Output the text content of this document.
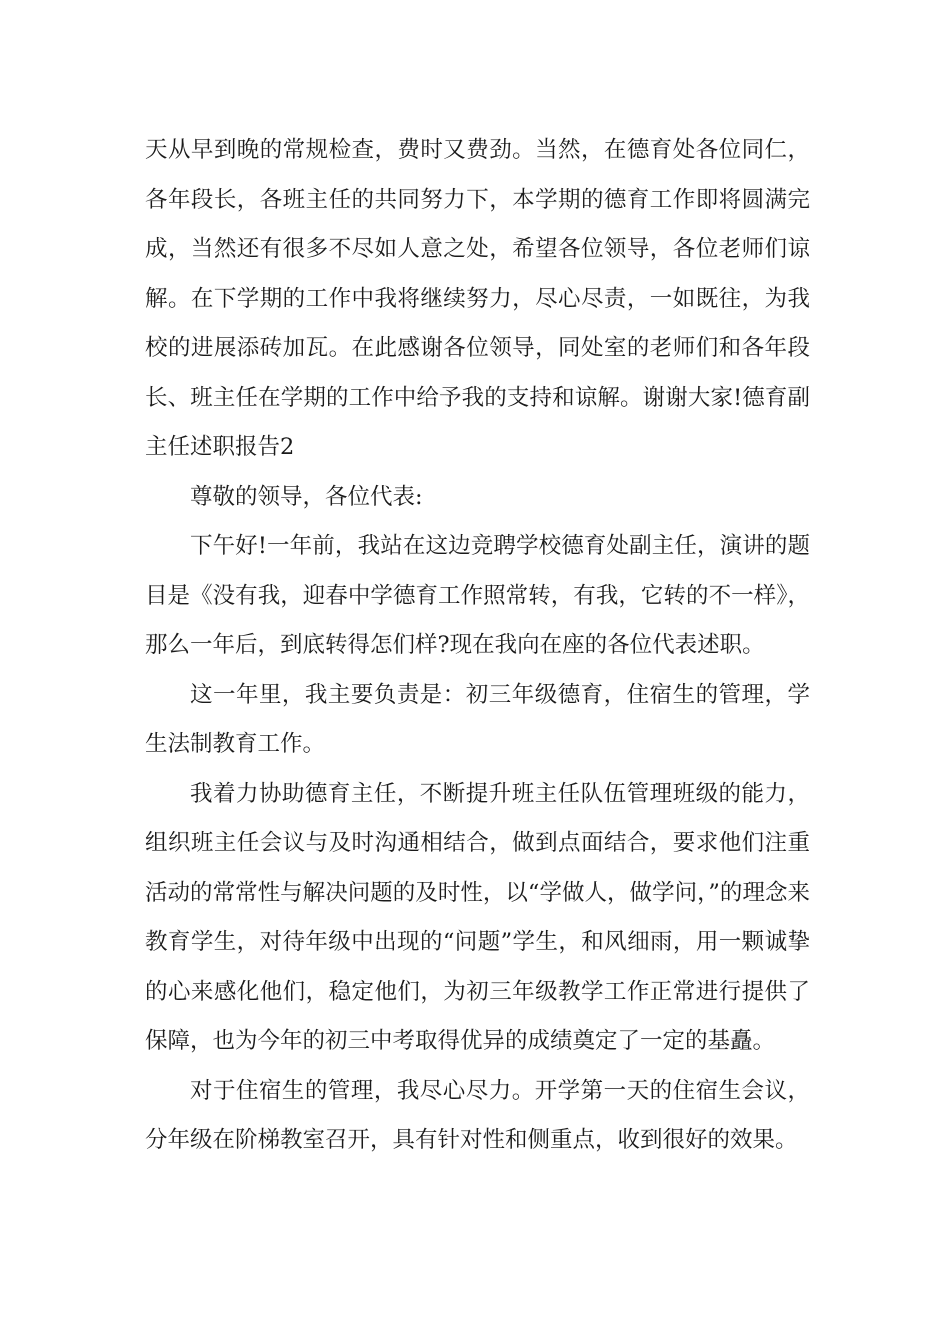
天从早到晚的常规检查，费时又费劲。当然，在德育处各位同仁，各年段长，各班主任的共同努力下，本学期的德育工作即将圆满完成，当然还有很多不尽如人意之处，希望各位领导，各位老师们谅解。在下学期的工作中我将继续努力，尽心尽责，一如既往，为我校的进展添砖加瓦。在此感谢各位领导，同处室的老师们和各年段长、班主任在学期的工作中给予我的支持和谅解。谢谢大家!德育副主任述职报告2

尊敬的领导，各位代表:

下午好!一年前，我站在这边竞聘学校德育处副主任，演讲的题目是《没有我，迎春中学德育工作照常转，有我，它转的不一样》，那么一年后，到底转得怎们样?现在我向在座的各位代表述职。

这一年里，我主要负责是：初三年级德育，住宿生的管理，学生法制教育工作。

我着力协助德育主任，不断提升班主任队伍管理班级的能力，组织班主任会议与及时沟通相结合，做到点面结合，要求他们注重活动的常常性与解决问题的及时性，以“学做人，做学问，”的理念来教育学生，对待年级中出现的“问题”学生，和风细雨，用一颗诚挚的心来感化他们，稳定他们，为初三年级教学工作正常进行提供了保障，也为今年的初三中考取得优异的成绩奠定了一定的基矗。

对于住宿生的管理，我尽心尽力。开学第一天的住宿生会议，分年级在阶梯教室召开，具有针对性和侧重点，收到很好的效果。
